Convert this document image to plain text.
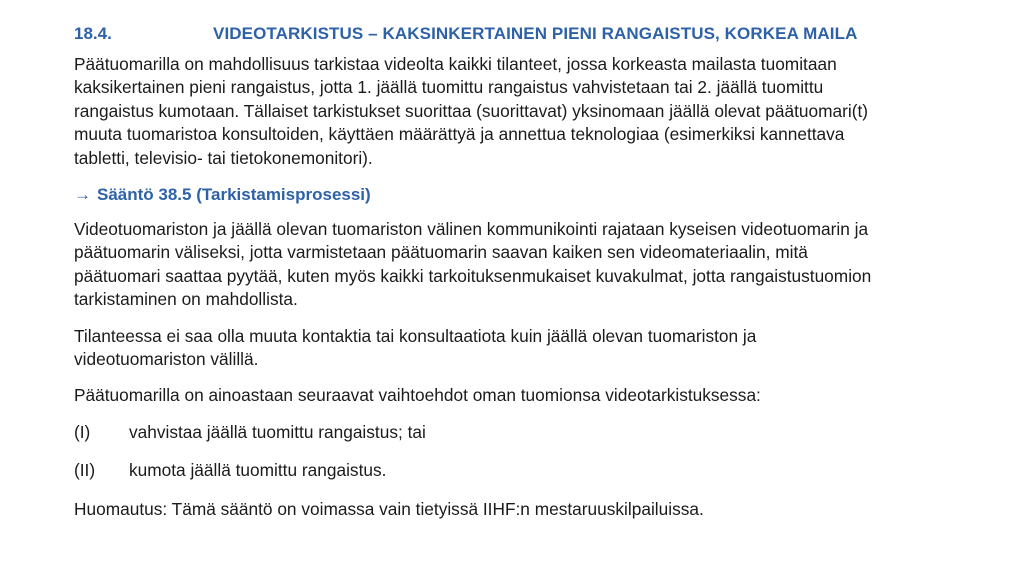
18.4.	VIDEOTARKISTUS – KAKSINKERTAINEN PIENI RANGAISTUS, KORKEA MAILA

Päätuomarilla on mahdollisuus tarkistaa videolta kaikki tilanteet, jossa korkeasta mailasta tuomitaan
kaksikertainen pieni rangaistus, jotta 1. jäällä tuomittu rangaistus vahvistetaan tai 2. jäällä tuomittu
rangaistus kumotaan. Tällaiset tarkistukset suorittaa (suorittavat) yksinomaan jäällä olevat päätuomari(t)
muuta tuomaristoa konsultoiden, käyttäen määrättyä ja annettua teknologiaa (esimerkiksi kannettava
tabletti, televisio- tai tietokonemonitori).

→ Sääntö 38.5 (Tarkistamisprosessi)

Videotuomariston ja jäällä olevan tuomariston välinen kommunikointi rajataan kyseisen videotuomarin ja
päätuomarin väliseksi, jotta varmistetaan päätuomarin saavan kaiken sen videomateriaalin, mitä
päätuomari saattaa pyytää, kuten myös kaikki tarkoituksenmukaiset kuvakulmat, jotta rangaistustuomion
tarkistaminen on mahdollista.

Tilanteessa ei saa olla muuta kontaktia tai konsultaatiota kuin jäällä olevan tuomariston ja
videotuomariston välillä.

Päätuomarilla on ainoastaan seuraavat vaihtoehdot oman tuomionsa videotarkistuksessa:

(I)	vahvistaa jäällä tuomittu rangaistus; tai
(II)	kumota jäällä tuomittu rangaistus.

Huomautus: Tämä sääntö on voimassa vain tietyissä IIHF:n mestaruuskilpailuissa.
